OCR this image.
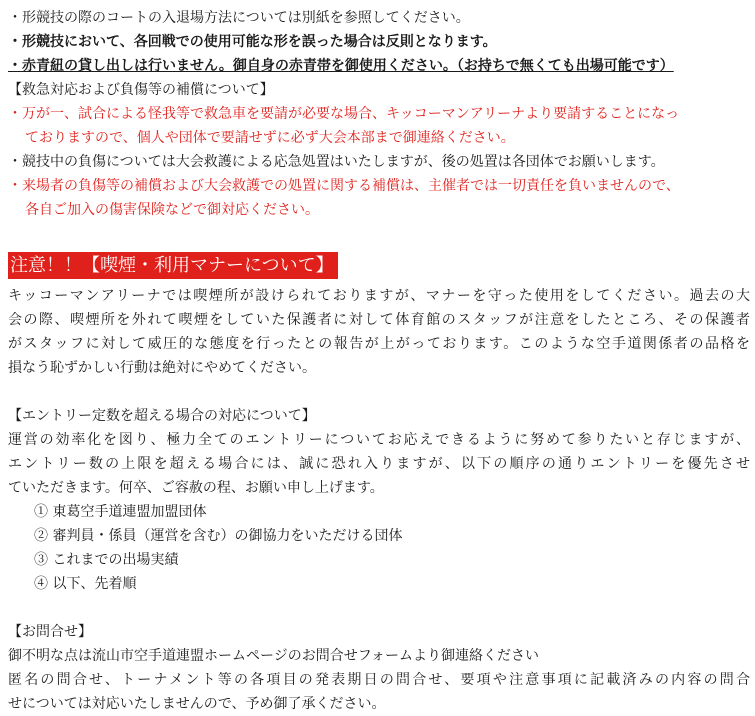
・形競技の際のコートの入退場方法については別紙を参照してください。
・形競技において、各回戦での使用可能な形を誤った場合は反則となります。
・赤青紐の貸し出しは行いません。御自身の赤青帯を御使用ください。（お持ちで無くても出場可能です）
【救急対応および負傷等の補償について】
・万が一、試合による怪我等で救急車を要請が必要な場合、キッコーマンアリーナより要請することになっ
ておりますので、個人や団体で要請せずに必ず大会本部まで御連絡ください。
・競技中の負傷については大会救護による応急処置はいたしますが、後の処置は各団体でお願いします。
・来場者の負傷等の補償および大会救護での処置に関する補償は、主催者では一切責任を負いませんので、
各自ご加入の傷害保険などで御対応ください。
注意！！【喫煙・利用マナーについて】
キッコーマンアリーナでは喫煙所が設けられておりますが、マナーを守った使用をしてください。過去の大
会の際、喫煙所を外れて喫煙をしていた保護者に対して体育館のスタッフが注意をしたところ、その保護者
がスタッフに対して威圧的な態度を行ったとの報告が上がっております。このような空手道関係者の品格を
損なう恥ずかしい行動は絶対にやめてください。
【エントリー定数を超える場合の対応について】
運営の効率化を図り、極力全てのエントリーについてお応えできるように努めて参りたいと存じますが、
エントリー数の上限を超える場合には、誠に恐れ入りますが、以下の順序の通りエントリーを優先させ
ていただきます。何卒、ご容赦の程、お願い申し上げます。
① 東葛空手道連盟加盟団体
② 審判員・係員（運営を含む）の御協力をいただける団体
③ これまでの出場実績
④ 以下、先着順
【お問合せ】
御不明な点は流山市空手道連盟ホームページのお問合せフォームより御連絡ください
匿名の問合せ、トーナメント等の各項目の発表期日の問合せ、要項や注意事項に記載済みの内容の問合
せについては対応いたしませんので、予め御了承ください。
